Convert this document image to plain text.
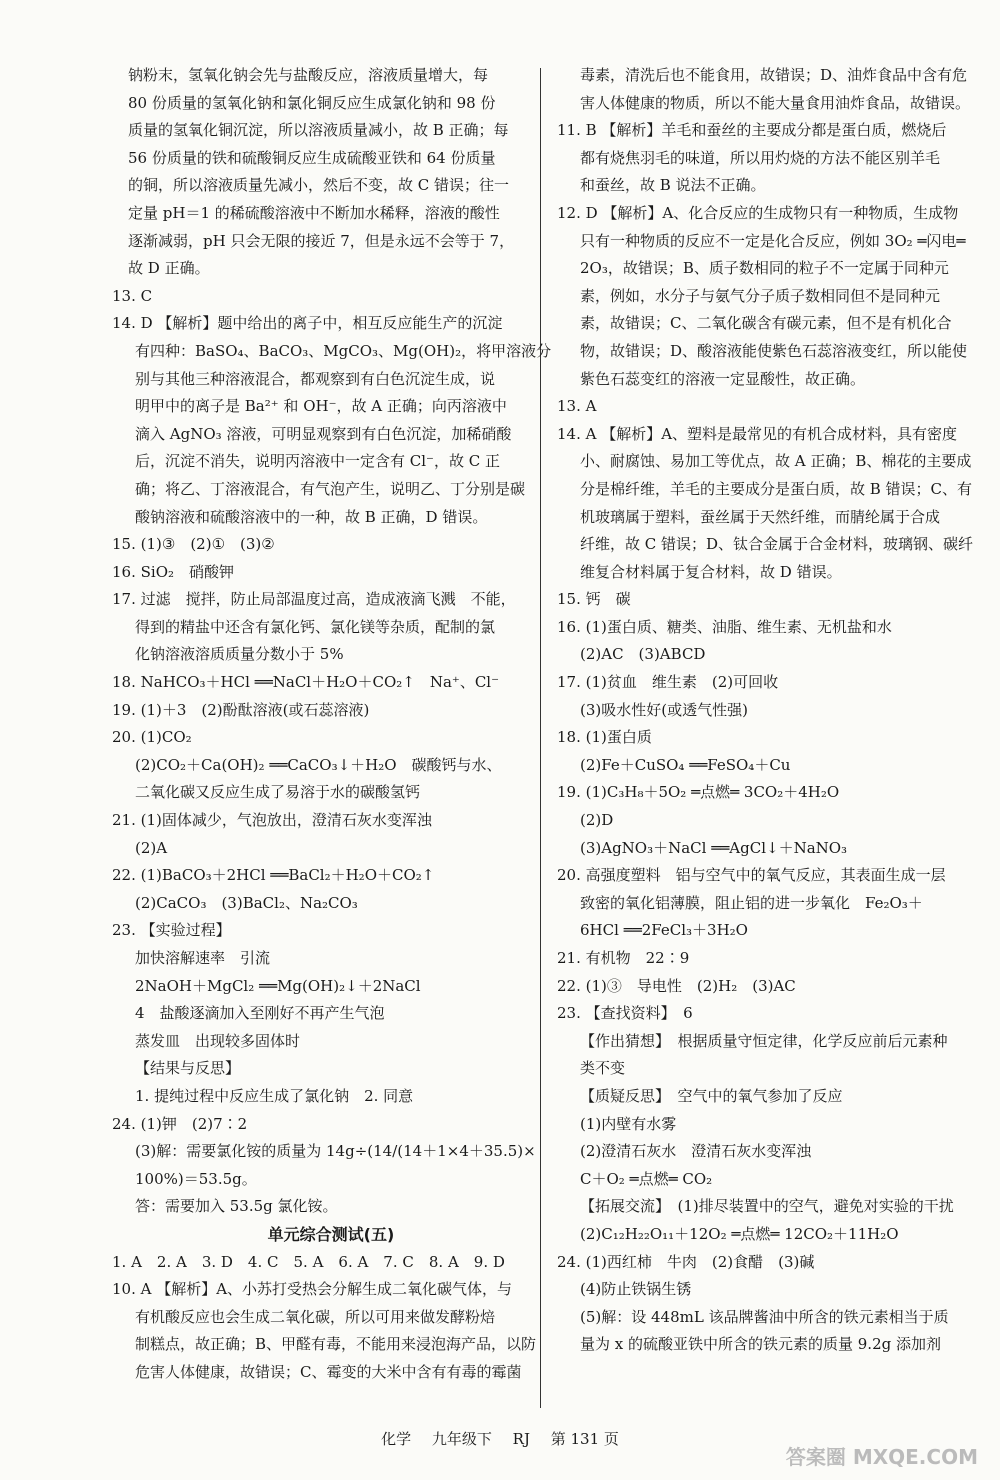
钠粉末，氢氧化钠会先与盐酸反应，溶液质量增大，每
80 份质量的氢氧化钠和氯化铜反应生成氯化钠和 98 份
质量的氢氧化铜沉淀，所以溶液质量减小，故 B 正确；每
56 份质量的铁和硫酸铜反应生成硫酸亚铁和 64 份质量
的铜，所以溶液质量先减小，然后不变，故 C 错误；往一
定量 pH＝1 的稀硫酸溶液中不断加水稀释，溶液的酸性
逐渐减弱，pH 只会无限的接近 7，但是永远不会等于 7，
故 D 正确。
13. C
14. D 【解析】题中给出的离子中，相互反应能生产的沉淀
有四种：BaSO₄、BaCO₃、MgCO₃、Mg(OH)₂，将甲溶液分
别与其他三种溶液混合，都观察到有白色沉淀生成，说
明甲中的离子是 Ba²⁺ 和 OH⁻，故 A 正确；向丙溶液中
滴入 AgNO₃ 溶液，可明显观察到有白色沉淀，加稀硝酸
后，沉淀不消失，说明丙溶液中一定含有 Cl⁻，故 C 正
确；将乙、丁溶液混合，有气泡产生，说明乙、丁分别是碳
酸钠溶液和硫酸溶液中的一种，故 B 正确，D 错误。
15. (1)③　(2)①　(3)②
16. SiO₂　硝酸钾
17. 过滤　搅拌，防止局部温度过高，造成液滴飞溅　不能，
得到的精盐中还含有氯化钙、氯化镁等杂质，配制的氯
化钠溶液溶质质量分数小于 5%
18. NaHCO₃＋HCl ══NaCl＋H₂O＋CO₂↑　Na⁺、Cl⁻
19. (1)＋3　(2)酚酞溶液(或石蕊溶液)
20. (1)CO₂
(2)CO₂＋Ca(OH)₂ ══CaCO₃↓＋H₂O　碳酸钙与水、
二氧化碳又反应生成了易溶于水的碳酸氢钙
21. (1)固体减少，气泡放出，澄清石灰水变浑浊
(2)A
22. (1)BaCO₃＋2HCl ══BaCl₂＋H₂O＋CO₂↑
(2)CaCO₃　(3)BaCl₂、Na₂CO₃
23. 【实验过程】
加快溶解速率　引流
2NaOH＋MgCl₂ ══Mg(OH)₂↓＋2NaCl
4　盐酸逐滴加入至刚好不再产生气泡
蒸发皿　出现较多固体时
【结果与反思】
1. 提纯过程中反应生成了氯化钠　2. 同意
24. (1)钾　(2)7∶2
(3)解：需要氯化铵的质量为 14g÷(14/(14＋1×4＋35.5)×
100%)＝53.5g。
答：需要加入 53.5g 氯化铵。
单元综合测试(五)
1. A　2. A　3. D　4. C　5. A　6. A　7. C　8. A　9. D
10. A 【解析】A、小苏打受热会分解生成二氧化碳气体，与
有机酸反应也会生成二氧化碳，所以可用来做发酵粉焙
制糕点，故正确；B、甲醛有毒，不能用来浸泡海产品，以防
危害人体健康，故错误；C、霉变的大米中含有有毒的霉菌
毒素，清洗后也不能食用，故错误；D、油炸食品中含有危
害人体健康的物质，所以不能大量食用油炸食品，故错误。
11. B 【解析】羊毛和蚕丝的主要成分都是蛋白质，燃烧后
都有烧焦羽毛的味道，所以用灼烧的方法不能区别羊毛
和蚕丝，故 B 说法不正确。
12. D 【解析】A、化合反应的生成物只有一种物质，生成物
只有一种物质的反应不一定是化合反应，例如 3O₂ ═闪电═
2O₃，故错误；B、质子数相同的粒子不一定属于同种元
素，例如，水分子与氨气分子质子数相同但不是同种元
素，故错误；C、二氧化碳含有碳元素，但不是有机化合
物，故错误；D、酸溶液能使紫色石蕊溶液变红，所以能使
紫色石蕊变红的溶液一定显酸性，故正确。
13. A
14. A 【解析】A、塑料是最常见的有机合成材料，具有密度
小、耐腐蚀、易加工等优点，故 A 正确；B、棉花的主要成
分是棉纤维，羊毛的主要成分是蛋白质，故 B 错误；C、有
机玻璃属于塑料，蚕丝属于天然纤维，而腈纶属于合成
纤维，故 C 错误；D、钛合金属于合金材料，玻璃钢、碳纤
维复合材料属于复合材料，故 D 错误。
15. 钙　碳
16. (1)蛋白质、糖类、油脂、维生素、无机盐和水
(2)AC　(3)ABCD
17. (1)贫血　维生素　(2)可回收
(3)吸水性好(或透气性强)
18. (1)蛋白质
(2)Fe＋CuSO₄ ══FeSO₄＋Cu
19. (1)C₃H₈＋5O₂ ═点燃═ 3CO₂＋4H₂O
(2)D
(3)AgNO₃＋NaCl ══AgCl↓＋NaNO₃
20. 高强度塑料　铝与空气中的氧气反应，其表面生成一层
致密的氧化铝薄膜，阻止铝的进一步氧化　Fe₂O₃＋
6HCl ══2FeCl₃＋3H₂O
21. 有机物　22∶9
22. (1)③　导电性　(2)H₂　(3)AC
23. 【查找资料】　6
【作出猜想】　根据质量守恒定律，化学反应前后元素种
类不变
【质疑反思】　空气中的氧气参加了反应
(1)内壁有水雾
(2)澄清石灰水　澄清石灰水变浑浊
C＋O₂ ═点燃═ CO₂
【拓展交流】　(1)排尽装置中的空气，避免对实验的干扰
(2)C₁₂H₂₂O₁₁＋12O₂ ═点燃═ 12CO₂＋11H₂O
24. (1)西红柿　牛肉　(2)食醋　(3)碱
(4)防止铁锅生锈
(5)解：设 448mL 该品牌酱油中所含的铁元素相当于质
量为 x 的硫酸亚铁中所含的铁元素的质量 9.2g 添加剂
化学 九年级下 RJ 第 131 页
答案圈 MXQE.COM
